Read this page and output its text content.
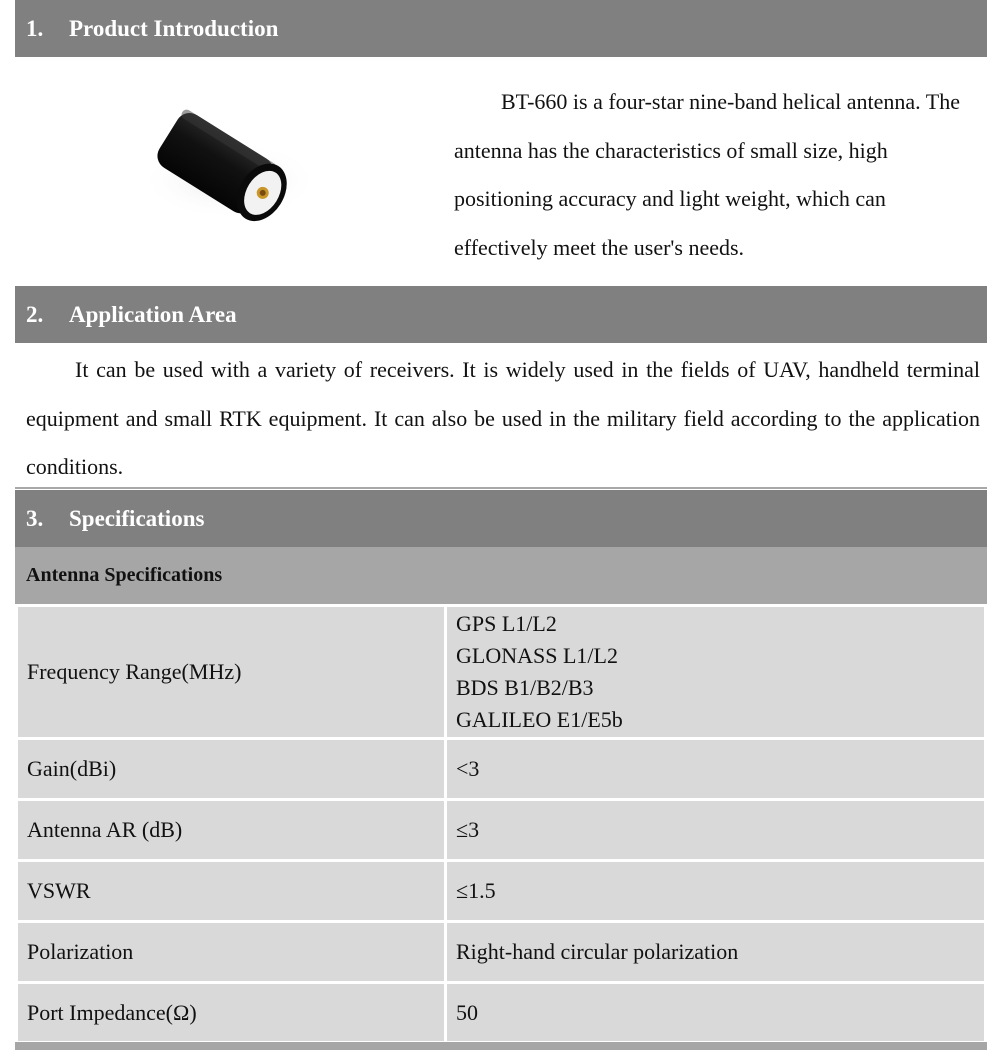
1.	Product Introduction

BT-660 is a four-star nine-band helical antenna. The antenna has the characteristics of small size, high positioning accuracy and light weight, which can effectively meet the user's needs.

2.	Application Area

It can be used with a variety of receivers. It is widely used in the fields of UAV, handheld terminal equipment and small RTK equipment. It can also be used in the military field according to the application conditions.

3.	Specifications
Antenna Specifications
Frequency Range(MHz)	GPS L1/L2
GLONASS L1/L2
BDS B1/B2/B3
GALILEO E1/E5b

Gain(dBi)	<3
Antenna AR (dB)	≤3
VSWR	≤1.5
Polarization	Right-hand circular polarization
Port Impedance(Ω)	50
